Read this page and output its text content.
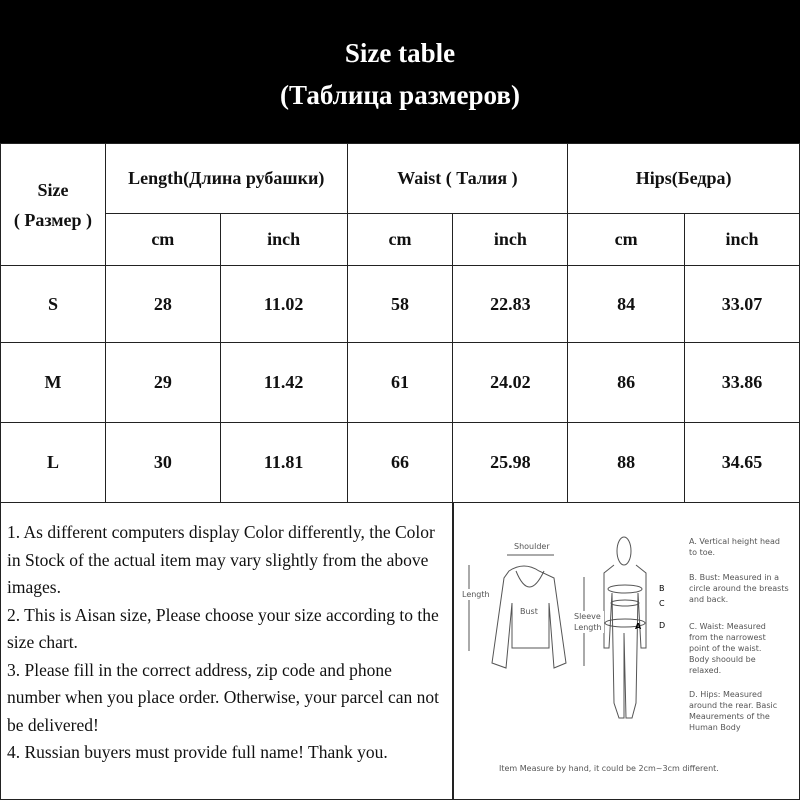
Size table
(Таблица размеров)
Size
( Размер )	Length(Длина рубашки)		Waist ( Талия )		Hips(Бедра)	
	cm	inch	cm	inch	cm	inch
S	28	11.02	58	22.83	84	33.07
M	29	11.42	61	24.02	86	33.86
L	30	11.81	66	25.98	88	34.65
1. As different computers display Color differently, the Color in Stock of the actual item may vary slightly from the above images.
2. This is Aisan size, Please choose your size according to the size chart.
3. Please fill in the correct address, zip code and phone number when you place order. Otherwise, your parcel can not be delivered!
4. Russian buyers must provide full name! Thank you.
Shoulder
Length
Bust
Sleeve Length	A
B
C
D
A. Vertical height head to toe.
B. Bust: Measured in a circle around the breasts and back.
C. Waist: Measured from the narrowest point of the waist. Body shoould be relaxed.
D. Hips: Measured around the rear. Basic Meaurements of the Human Body
Item Measure by hand, it could be 2cm~3cm different.
